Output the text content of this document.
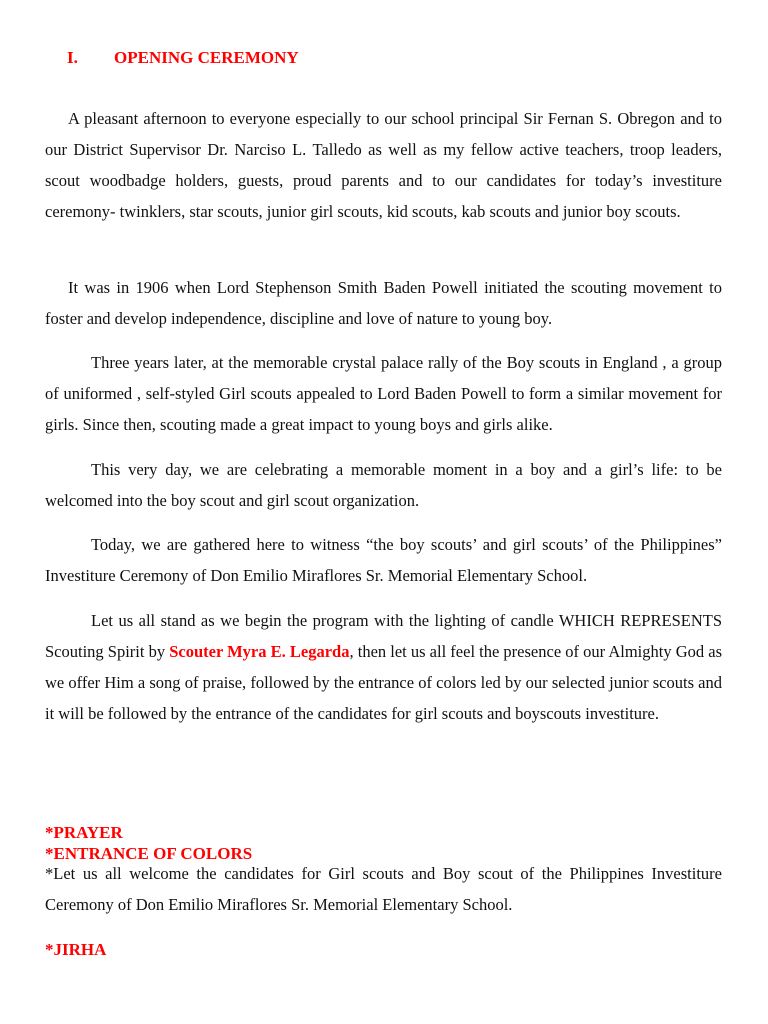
I. OPENING CEREMONY

A pleasant afternoon to everyone especially to our school principal Sir Fernan S. Obregon and to our District Supervisor Dr. Narciso L. Talledo as well as my fellow active teachers, troop leaders, scout woodbadge holders, guests, proud parents and to our candidates for today’s investiture ceremony- twinklers, star scouts, junior girl scouts, kid scouts, kab scouts and junior boy scouts.

It was in 1906 when Lord Stephenson Smith Baden Powell initiated the scouting movement to foster and develop independence, discipline and love of nature to young boy.

Three years later, at the memorable crystal palace rally of the Boy scouts in England , a group of uniformed , self-styled Girl scouts appealed to Lord Baden Powell to form a similar movement for girls. Since then, scouting made a great impact to young boys and girls alike.

This very day, we are celebrating a memorable moment in a boy and a girl’s life: to be welcomed into the boy scout and girl scout organization.

Today, we are gathered here to witness “the boy scouts’ and girl scouts’ of the Philippines” Investiture Ceremony of Don Emilio Miraflores Sr. Memorial Elementary School.

Let us all stand as we begin the program with the lighting of candle WHICH REPRESENTS Scouting Spirit by Scouter Myra E. Legarda, then let us all feel the presence of our Almighty God as we offer Him a song of praise, followed by the entrance of colors led by our selected junior scouts and it will be followed by the entrance of the candidates for girl scouts and boyscouts investiture.

*PRAYER
*ENTRANCE OF COLORS

*Let us all welcome the candidates for Girl scouts and Boy scout of the Philippines Investiture Ceremony of Don Emilio Miraflores Sr. Memorial Elementary School.

*JIRHA
